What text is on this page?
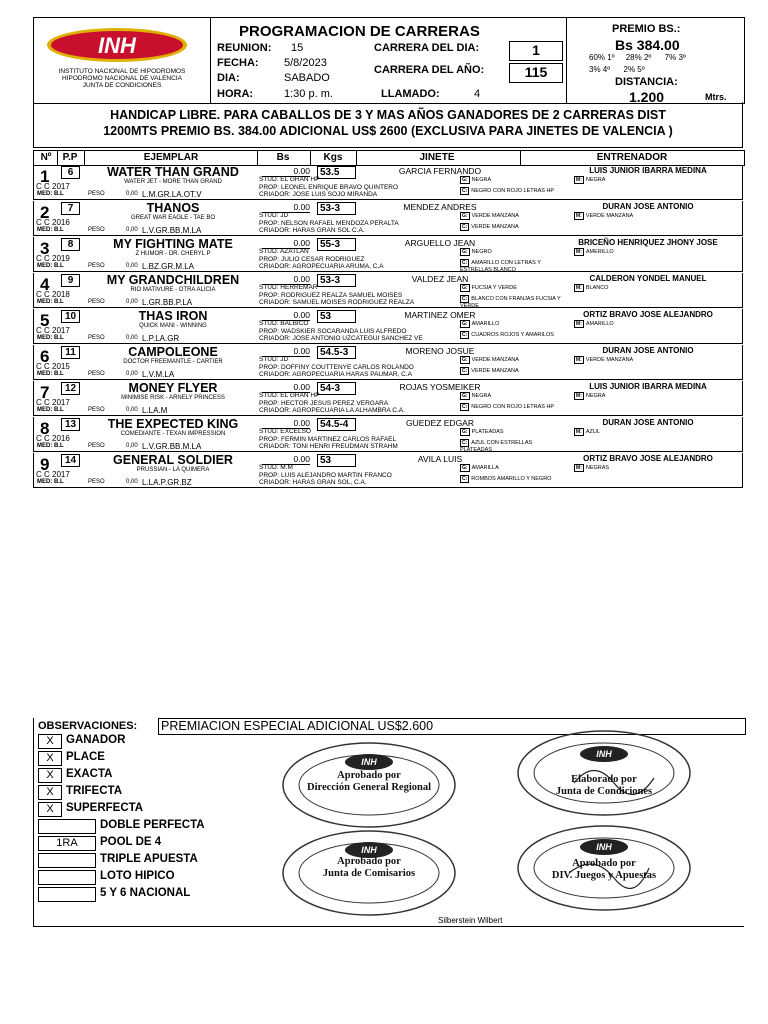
INH
INSTITUTO NACIONAL DE HIPODROMOS
HIPODROMO NACIONAL DE VALENCIA
JUNTA DE CONDICIONES
PROGRAMACION DE CARRERAS
REUNION: 15
FECHA: 5/8/2023
DIA:	SABADO
HORA:	1:30 p. m.
CARRERA DEL DIA:	1
CARRERA DEL AÑO:	115
LLAMADO:	4
PREMIO BS.:
Bs 384.00
60% 1º     28% 2º      7% 3º
3% 4º      2% 5º
DISTANCIA:
1.200	Mtrs.
HANDICAP LIBRE. PARA CABALLOS DE 3 Y MAS AÑOS GANADORES DE 2 CARRERAS DIST
1200MTS PREMIO BS. 384.00 ADICIONAL US$ 2600 (EXCLUSIVA PARA JINETES DE VALENCIA )
Nº	P.P	EJEMPLAR	Bs	Kgs	JINETE	ENTRENADOR
1	6
C C 2017
MED: B.L
WATER THAN GRAND
WATER JET - MORE THAN GRAND
PESO	L.M.GR.LA.OT.V
0.00	53.5	GARCIA FERNANDO
STUD: EL GRAN HP
PROP: LEONEL ENRIQUE BRAVO QUINTERO
CRIADOR: JOSE LUIS SOJO MIRANDA
LUIS JUNIOR IBARRA MEDINA
0,00
G: NEGRA
C: NEGRO CON ROJO LETRAS HP
M: NEGRA
2	7
C C 2016
MED: B.L
THANOS
GREAT WAR EAGLE - TAE BO
PESO	L.V.GR.BB.M.LA
0.00	53-3	MENDEZ ANDRES
STUD: JD
PROP: NELSON RAFAEL MENDOZA PERALTA
CRIADOR: HARAS GRAN SOL C.A.
DURAN JOSE ANTONIO
0,00
G: VERDE MANZANA
C: VERDE MANZANA
M: VERDE MANZANA
3	8
C C 2019
MED: B.L
MY FIGHTING MATE
Z HUMOR - DR. CHERYL P
PESO	L.BZ.GR.M.LA
0.00	55-3	ARGUELLO JEAN
STUD: AZATLAN
PROP: JULIO CESAR RODRIGUEZ
CRIADOR: AGROPECUARIA ARUMA, C.A
BRICEÑO HENRIQUEZ JHONY JOSE
0,00
G: NEGRO
C: AMARILLO CON LETRAS Y ESTRELLAS BLANCO
M: AMERILLO
4	9
C C 2018
MED: B.L
MY GRANDCHILDREN
RIO MATIVURE - OTRA ALICIA
PESO	L.GR.BB.P.LA
0.00	53-3	VALDEZ JEAN
STUD: HERREMAR
PROP: RODRIGUEZ REALZA SAMUEL MOISES
CRIADOR: SAMUEL MOISES RODRIGUEZ REALZA
CALDERON YONDEL MANUEL
0,00
G: FUCSIA Y VERDE
C: BLANCO CON FRANJAS FUCSIA Y VERDE
M: BLANCO
5	10
C C 2017
MED: B.L
THAS IRON
QUICK MANI - WINNING
PESO	L.P.LA.GR
0.00	53	MARTINEZ OMER
STUD: BALBICO
PROP: WADSKIER SOCARANDA LUIS ALFREDO
CRIADOR: JOSE ANTONIO UZCATEGUI SANCHEZ VE
ORTIZ BRAVO JOSE ALEJANDRO
0,00
G: AMARILLO
C: CUADROS ROJOS Y AMARILOS
M: AMARILLO
6	11
C C 2015
MED: B.L
CAMPOLEONE
DOCTOR FREEMANTLE - CARTIER
PESO	L.V.M.LA
0.00	54.5-3	MORENO JOSUE
STUD: JD
PROP: DOFFINY COUTTENYE CARLOS ROLANDO
CRIADOR: AGROPECUARIA HARAS PAUMAR, C.A
DURAN JOSE ANTONIO
0,00
G: VERDE MANZANA
C: VERDE MANZANA
M: VERDE MANZANA
7	12
C C 2017
MED: B.L
MONEY FLYER
MINIMISE RISK - ARNELY PRINCESS
PESO	L.LA.M
0.00	54-3	ROJAS YOSMEIKER
STUD: EL GRAN HP
PROP: HECTOR JESUS PEREZ VERGARA
CRIADOR: AGROPECUARIA LA ALHAMBRA C.A.
LUIS JUNIOR IBARRA MEDINA
0,00
G: NEGRA
C: NEGRO CON ROJO LETRAS HP
M: NEGRA
8	13
C C 2016
MED: B.L
THE EXPECTED KING
COMEDIANTE - TEXAN IMPRESSION
PESO	L.V.GR.BB.M.LA
0.00	54.5-4	GUEDEZ EDGAR
STUD: EXCELSO
PROP: FERMIN MARTINEZ CARLOS RAFAEL
CRIADOR: TONI HENRI FREUDMAN STRAHM
DURAN JOSE ANTONIO
0,00
G: PLATEADAS
C: AZUL CON ESTRELLAS PLATEADAS
M: AZUL
9	14
C C 2017
MED: B.L
GENERAL SOLDIER
PRUSSIAN - LA QUIMERA
PESO	L.LA.P.GR.BZ
0.00	53	AVILA LUIS
STUD: M.M
PROP: LUIS ALEJANDRO MARTIN FRANCO
CRIADOR: HARAS GRAN SOL, C.A.
ORTIZ BRAVO JOSE ALEJANDRO
0,00
G: AMARILLA
C: ROMBOS AMARILLO Y NEGRO
M: NEGRAS
OBSERVACIONES: PREMIACION ESPECIAL ADICIONAL US$2.600
X	GANADOR
X	PLACE
X	EXACTA
X	TRIFECTA
X	SUPERFECTA
DOBLE PERFECTA
1RA	POOL DE 4
TRIPLE APUESTA
LOTO HIPICO
5 Y 6 NACIONAL
INH
Aprobado por
Dirección General Regional
INH
Elaborado por
Junta de Condiciones
INH
Aprobado por
Junta de Comisarios
INH
Aprobado por
DIV. Juegos y Apuestas
Silberstein Wilbert
